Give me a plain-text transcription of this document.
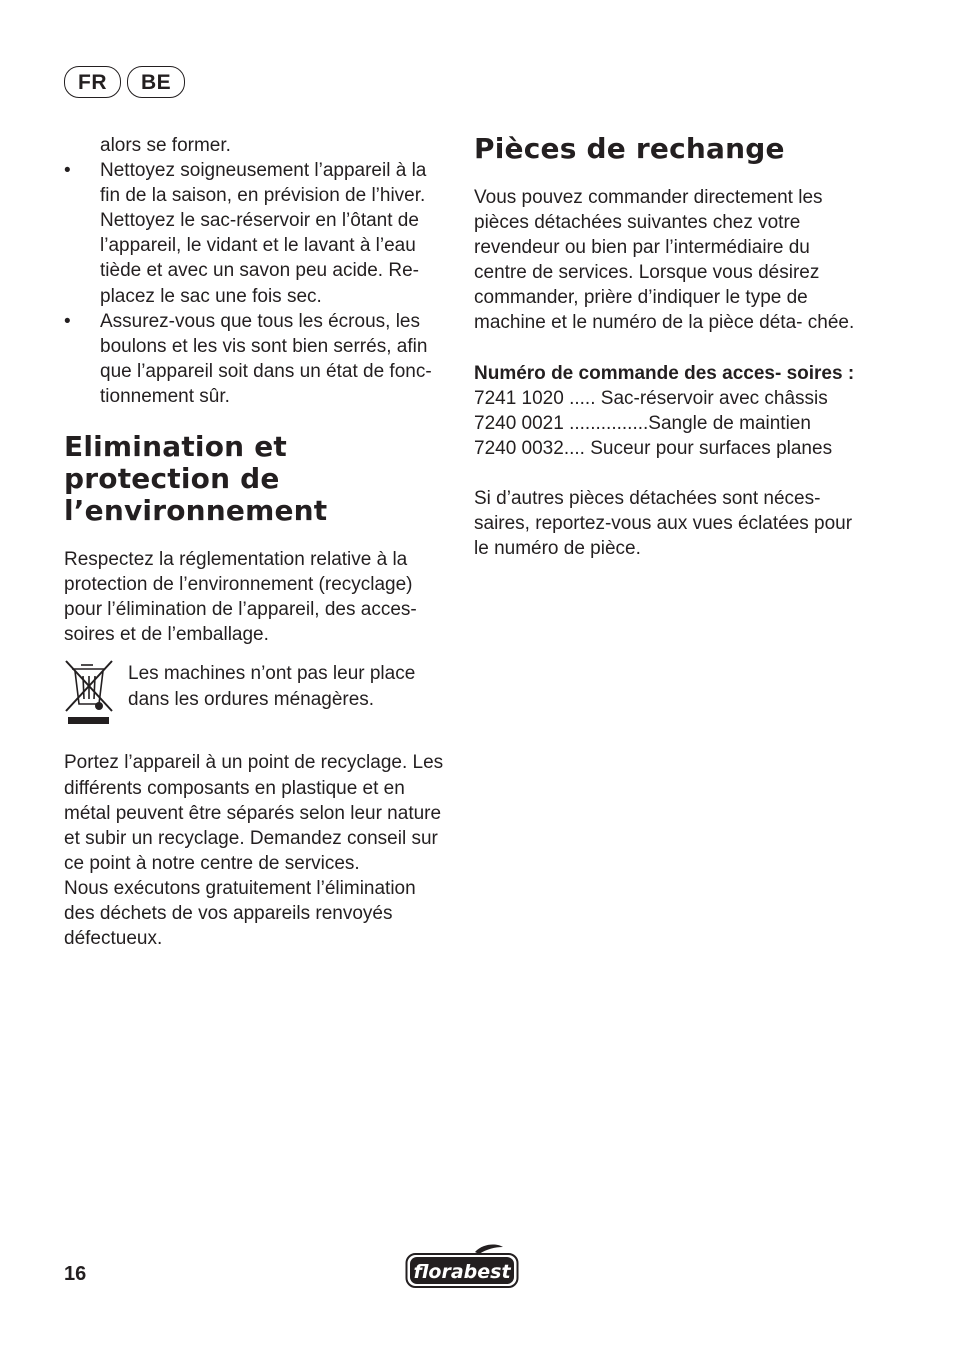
FR	BE

alors se former.

• Nettoyez soigneusement l’appareil à la fin de la saison, en prévision de l’hiver. Nettoyez le sac-réservoir en l’ôtant de l’appareil, le vidant et le lavant à l’eau tiède et avec un savon peu acide. Re- placez le sac une fois sec.
• Assurez-vous que tous les écrous, les boulons et les vis sont bien serrés, afin que l’appareil soit dans un état de fonc- tionnement sûr.
Elimination et protection de l’environnement

Respectez la réglementation relative à la protection de l’environnement (recyclage) pour l’élimination de l’appareil, des acces- soires et de l’emballage.

Les machines n’ont pas leur place dans les ordures ménagères.

Portez l’appareil à un point de recyclage. Les différents composants en plastique et en métal peuvent être séparés selon leur nature et subir un recyclage. Demandez conseil sur ce point à notre centre de services.

Nous exécutons gratuitement l’élimination des déchets de vos appareils renvoyés défectueux.

Pièces de rechange

Vous pouvez commander directement les pièces détachées suivantes chez votre revendeur ou bien par l’intermédiaire du centre de services. Lorsque vous désirez commander, prière d’indiquer le type de machine et le numéro de la pièce déta- chée.

Numéro de commande des acces- soires :

7241 1020 ..... Sac-réservoir avec châssis

7240 0021 ...............Sangle de maintien

7240 0032.... Suceur pour surfaces planes

Si d’autres pièces détachées sont néces- saires, reportez-vous aux vues éclatées pour le numéro de pièce.

16	florabest
